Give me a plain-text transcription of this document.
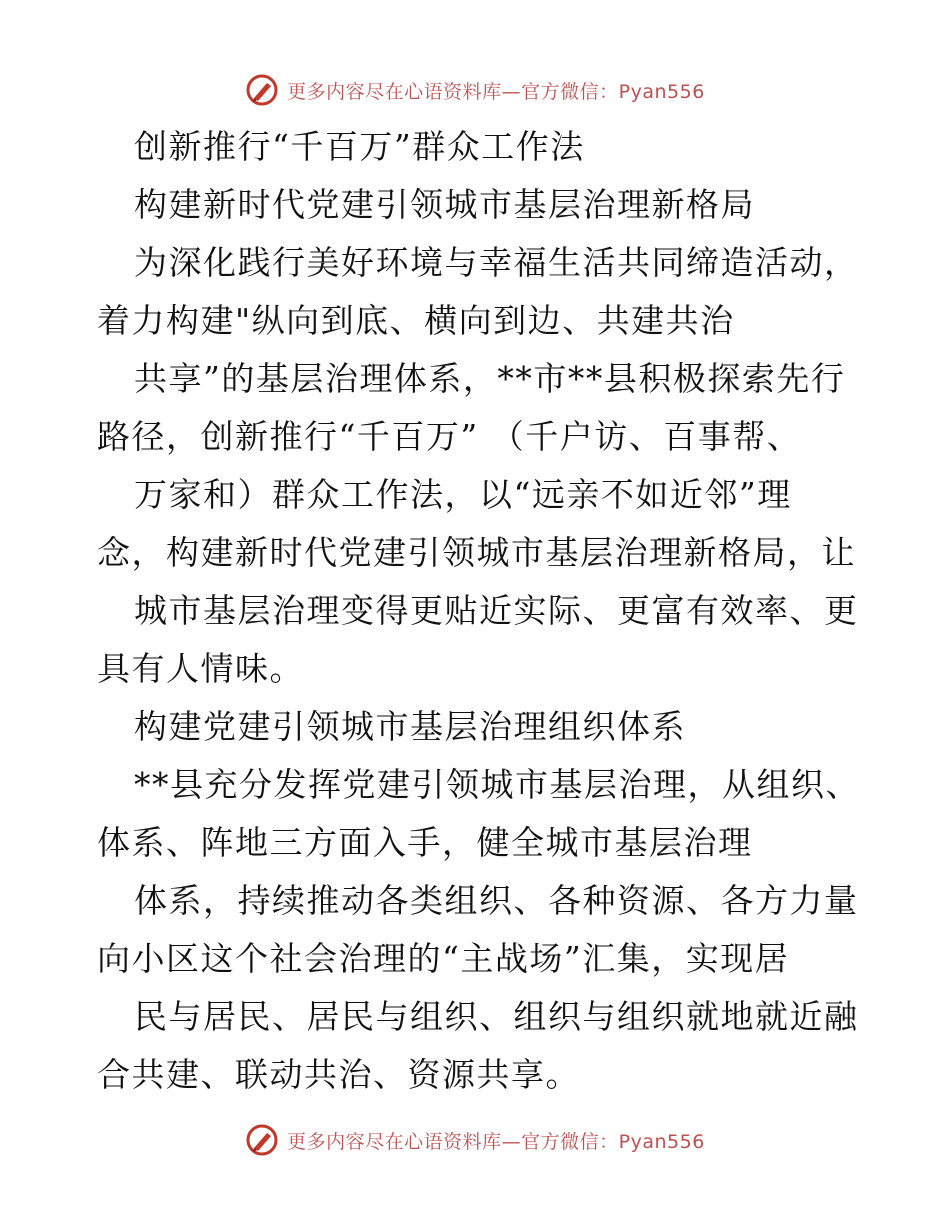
更多内容尽在心语资料库—官方微信：Pyan556
创新推行“千百万”群众工作法
构建新时代党建引领城市基层治理新格局
为深化践行美好环境与幸福生活共同缔造活动，
着力构建"纵向到底、横向到边、共建共治
共享”的基层治理体系，**市**县积极探索先行
路径，创新推行“千百万” （千户访、百事帮、
万家和）群众工作法，以“远亲不如近邻”理
念，构建新时代党建引领城市基层治理新格局，让
城市基层治理变得更贴近实际、更富有效率、更
具有人情味。
构建党建引领城市基层治理组织体系
**县充分发挥党建引领城市基层治理，从组织、
体系、阵地三方面入手，健全城市基层治理
体系，持续推动各类组织、各种资源、各方力量
向小区这个社会治理的“主战场”汇集，实现居
民与居民、居民与组织、组织与组织就地就近融
合共建、联动共治、资源共享。
更多内容尽在心语资料库—官方微信：Pyan556
